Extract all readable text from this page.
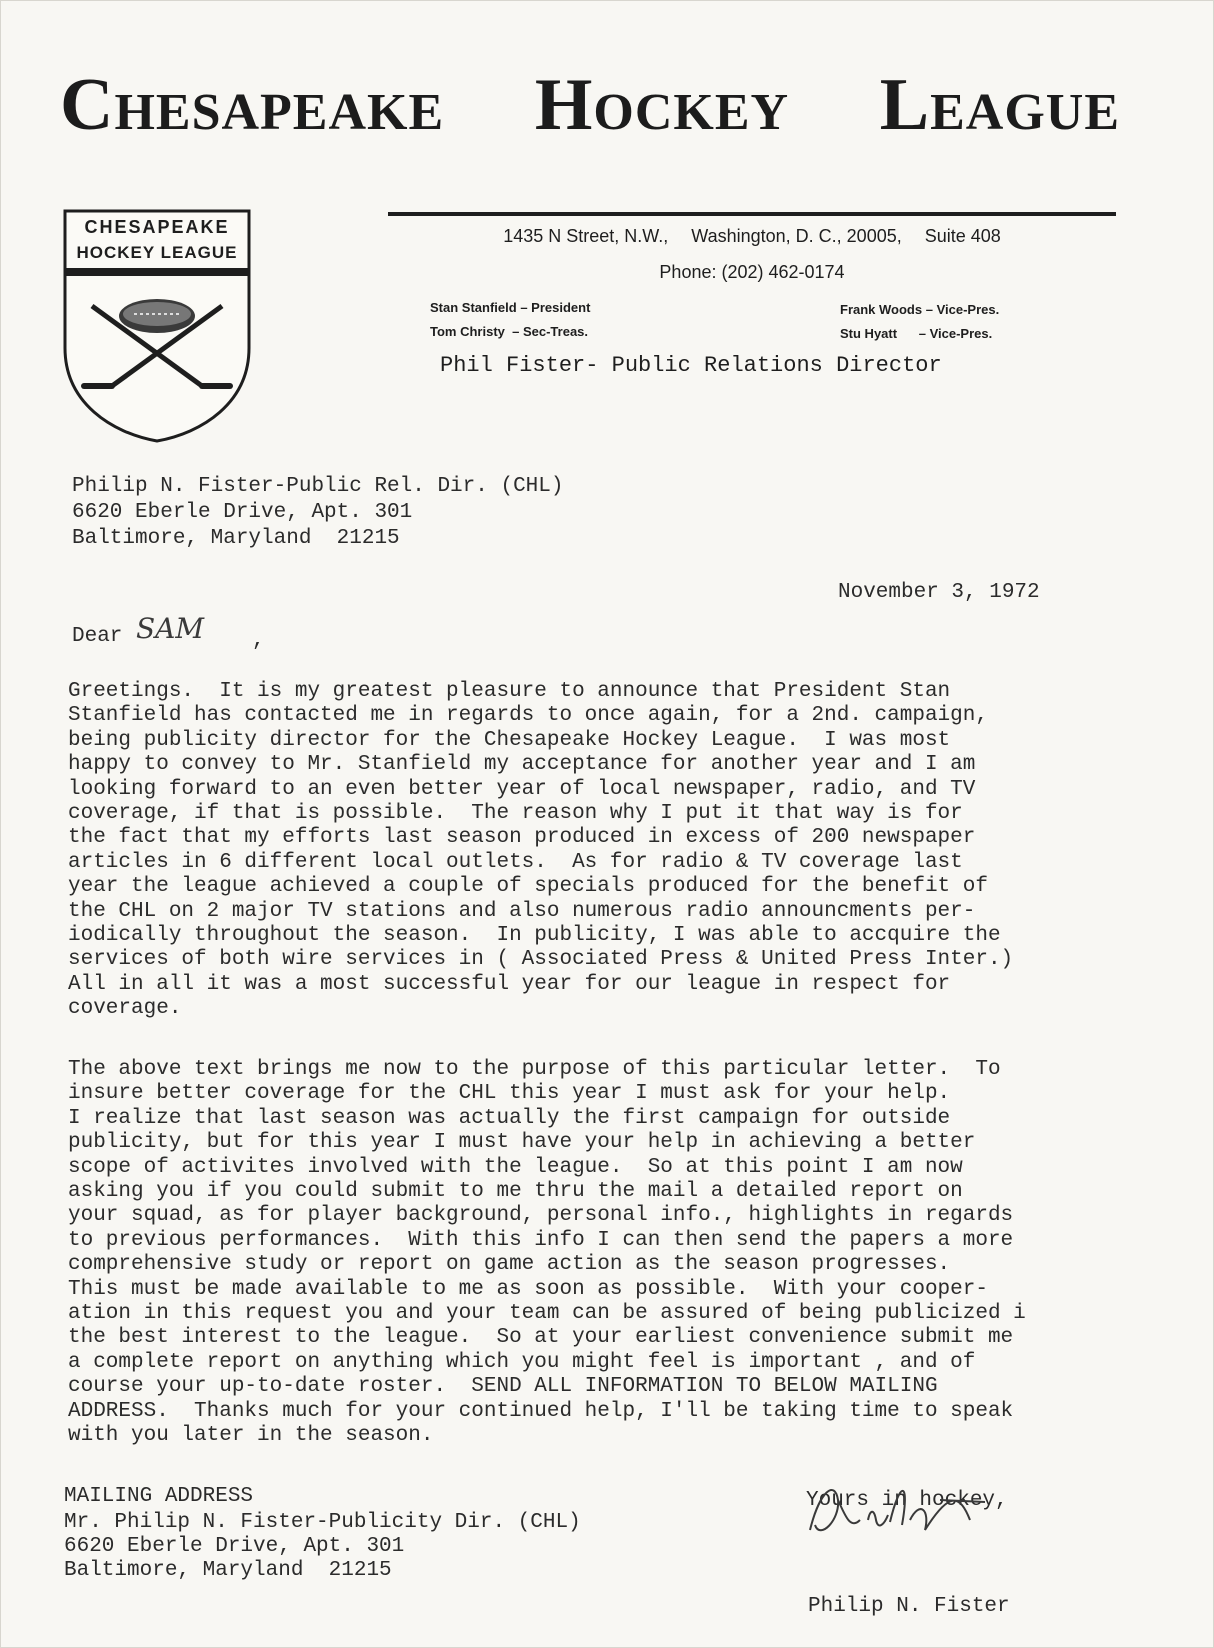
Chesapeake Hockey League
CHESAPEAKE
HOCKEY LEAGUE
1435 N Street, N.W., Washington, D. C., 20005, Suite 408
Phone: (202) 462-0174
Stan Stanfield – President
Tom Christy – Sec-Treas.
Frank Woods – Vice-Pres.
Stu Hyatt – Vice-Pres.
Phil Fister- Public Relations Director
Philip N. Fister-Public Rel. Dir. (CHL)
6620 Eberle Drive, Apt. 301
Baltimore, Maryland  21215
November 3, 1972
Dear SAM ,
Greetings.  It is my greatest pleasure to announce that President Stan
Stanfield has contacted me in regards to once again, for a 2nd. campaign,
being publicity director for the Chesapeake Hockey League.  I was most
happy to convey to Mr. Stanfield my acceptance for another year and I am
looking forward to an even better year of local newspaper, radio, and TV
coverage, if that is possible.  The reason why I put it that way is for
the fact that my efforts last season produced in excess of 200 newspaper
articles in 6 different local outlets.  As for radio & TV coverage last
year the league achieved a couple of specials produced for the benefit of
the CHL on 2 major TV stations and also numerous radio announcments per-
iodically throughout the season.  In publicity, I was able to accquire the
services of both wire services in ( Associated Press & United Press Inter.)
All in all it was a most successful year for our league in respect for
coverage.
The above text brings me now to the purpose of this particular letter.  To
insure better coverage for the CHL this year I must ask for your help.
I realize that last season was actually the first campaign for outside
publicity, but for this year I must have your help in achieving a better
scope of activites involved with the league.  So at this point I am now
asking you if you could submit to me thru the mail a detailed report on
your squad, as for player background, personal info., highlights in regards
to previous performances.  With this info I can then send the papers a more
comprehensive study or report on game action as the season progresses.
This must be made available to me as soon as possible.  With your cooper-
ation in this request you and your team can be assured of being publicized i
the best interest to the league.  So at your earliest convenience submit me
a complete report on anything which you might feel is important , and of
course your up-to-date roster.  SEND ALL INFORMATION TO BELOW MAILING
ADDRESS.  Thanks much for your continued help, I'll be taking time to speak
with you later in the season.
MAILING ADDRESS
Mr. Philip N. Fister-Publicity Dir. (CHL)
6620 Eberle Drive, Apt. 301
Baltimore, Maryland  21215
Yours in hockey,
Philip N. Fister
